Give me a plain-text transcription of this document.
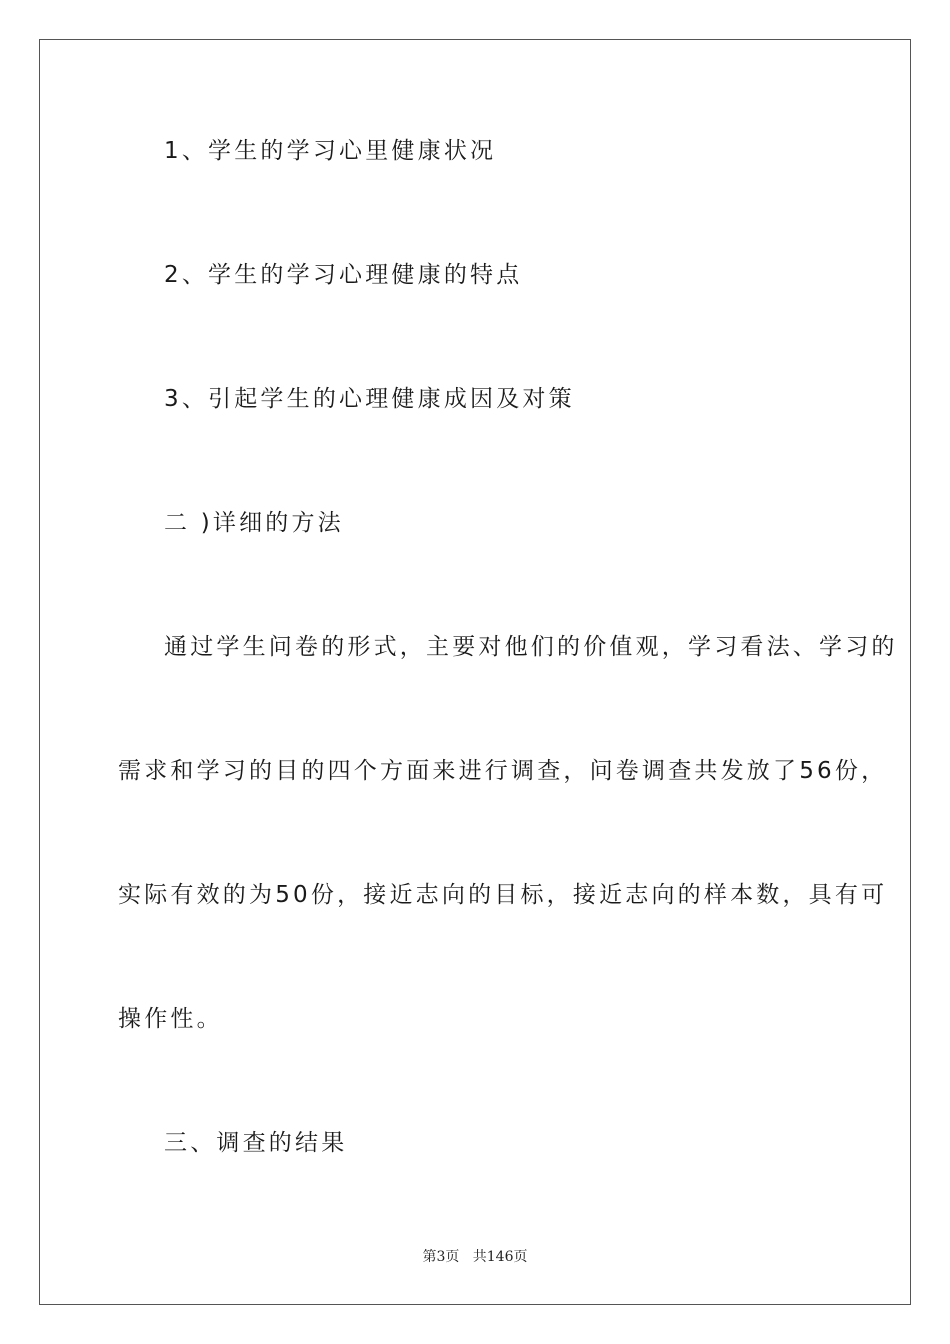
1、学生的学习心里健康状况
2、学生的学习心理健康的特点
3、引起学生的心理健康成因及对策
二 )详细的方法
通过学生问卷的形式，主要对他们的价值观，学习看法、学习的
需求和学习的目的四个方面来进行调查，问卷调查共发放了56份，
实际有效的为50份，接近志向的目标，接近志向的样本数，具有可
操作性。
三、调查的结果
第3页 共146页
